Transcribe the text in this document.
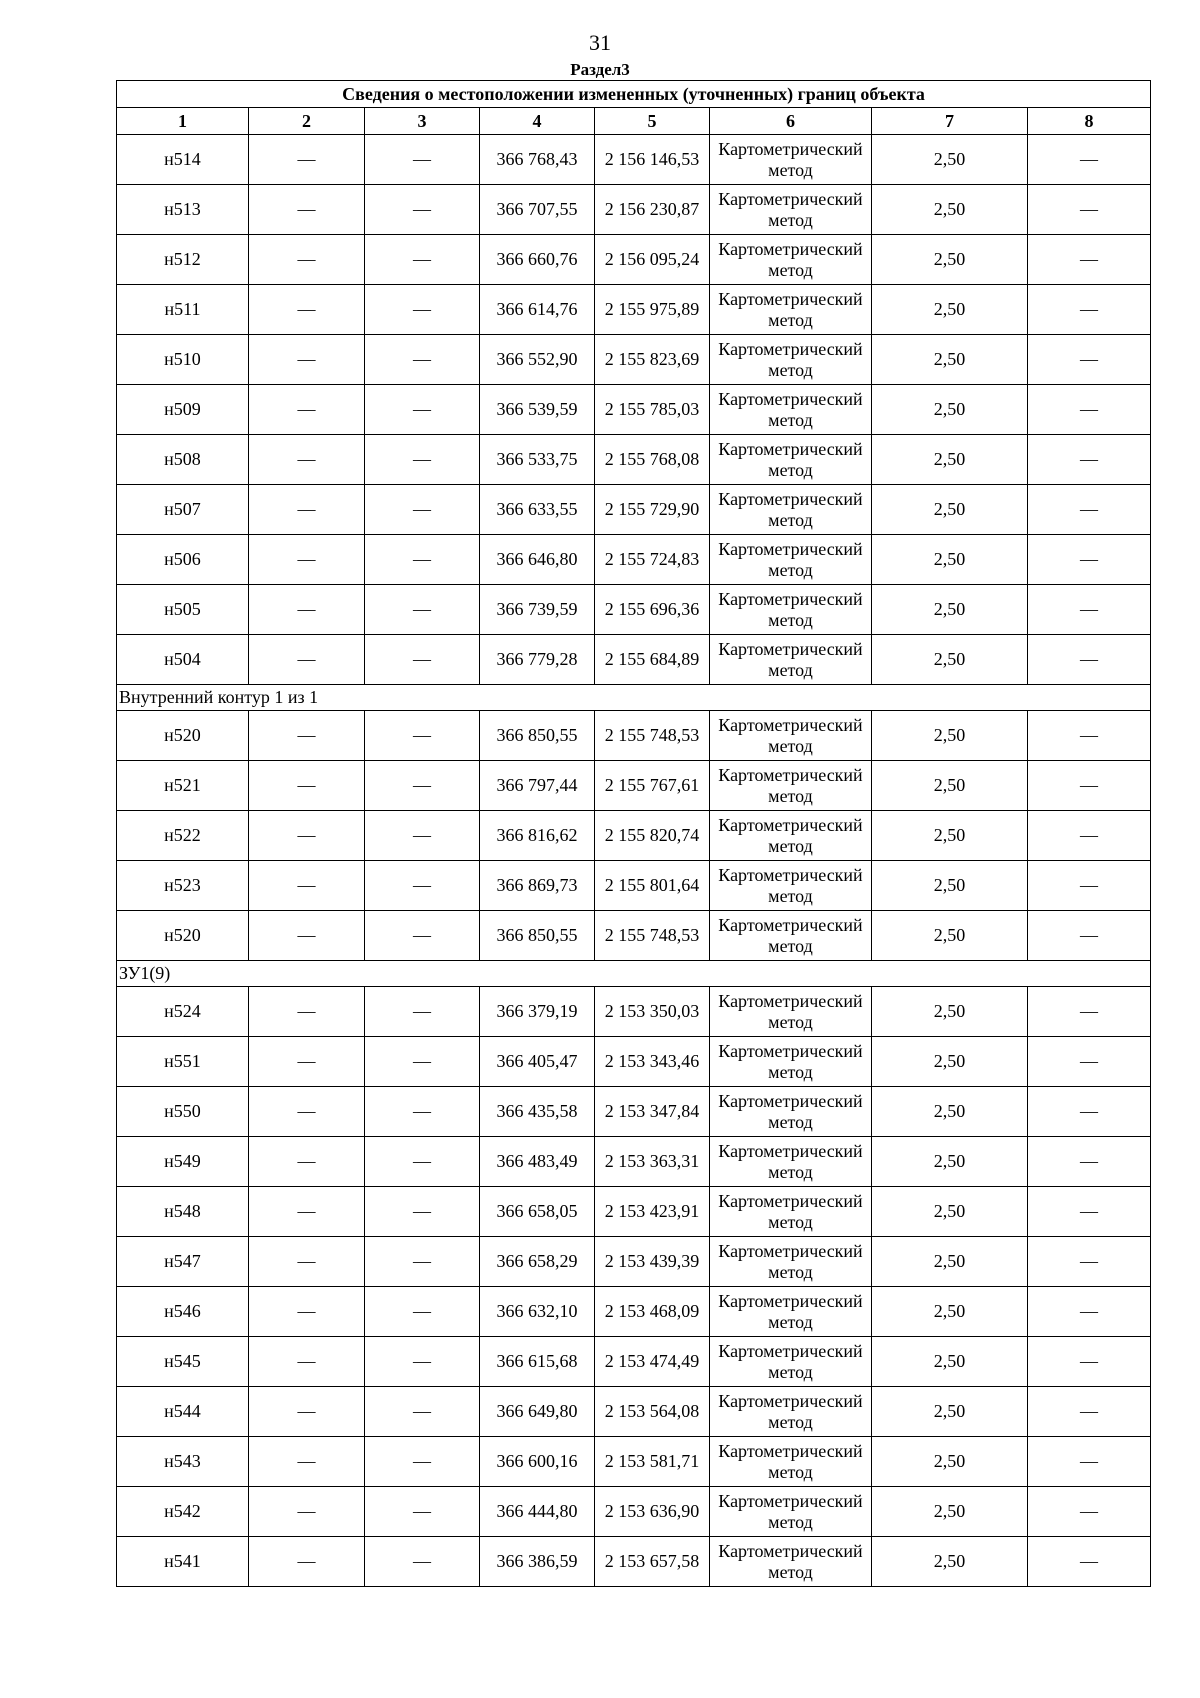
31
Раздел3
Сведения о местоположении измененных (уточненных) границ объекта							
1	2	3	4	5	6	7	8
н514	—	—	366 768,43	2 156 146,53	Картометрический метод	2,50	—
н513	—	—	366 707,55	2 156 230,87	Картометрический метод	2,50	—
н512	—	—	366 660,76	2 156 095,24	Картометрический метод	2,50	—
н511	—	—	366 614,76	2 155 975,89	Картометрический метод	2,50	—
н510	—	—	366 552,90	2 155 823,69	Картометрический метод	2,50	—
н509	—	—	366 539,59	2 155 785,03	Картометрический метод	2,50	—
н508	—	—	366 533,75	2 155 768,08	Картометрический метод	2,50	—
н507	—	—	366 633,55	2 155 729,90	Картометрический метод	2,50	—
н506	—	—	366 646,80	2 155 724,83	Картометрический метод	2,50	—
н505	—	—	366 739,59	2 155 696,36	Картометрический метод	2,50	—
н504	—	—	366 779,28	2 155 684,89	Картометрический метод	2,50	—
Внутренний контур 1 из 1							
н520	—	—	366 850,55	2 155 748,53	Картометрический метод	2,50	—
н521	—	—	366 797,44	2 155 767,61	Картометрический метод	2,50	—
н522	—	—	366 816,62	2 155 820,74	Картометрический метод	2,50	—
н523	—	—	366 869,73	2 155 801,64	Картометрический метод	2,50	—
н520	—	—	366 850,55	2 155 748,53	Картометрический метод	2,50	—
ЗУ1(9)							
н524	—	—	366 379,19	2 153 350,03	Картометрический метод	2,50	—
н551	—	—	366 405,47	2 153 343,46	Картометрический метод	2,50	—
н550	—	—	366 435,58	2 153 347,84	Картометрический метод	2,50	—
н549	—	—	366 483,49	2 153 363,31	Картометрический метод	2,50	—
н548	—	—	366 658,05	2 153 423,91	Картометрический метод	2,50	—
н547	—	—	366 658,29	2 153 439,39	Картометрический метод	2,50	—
н546	—	—	366 632,10	2 153 468,09	Картометрический метод	2,50	—
н545	—	—	366 615,68	2 153 474,49	Картометрический метод	2,50	—
н544	—	—	366 649,80	2 153 564,08	Картометрический метод	2,50	—
н543	—	—	366 600,16	2 153 581,71	Картометрический метод	2,50	—
н542	—	—	366 444,80	2 153 636,90	Картометрический метод	2,50	—
н541	—	—	366 386,59	2 153 657,58	Картометрический метод	2,50	—
